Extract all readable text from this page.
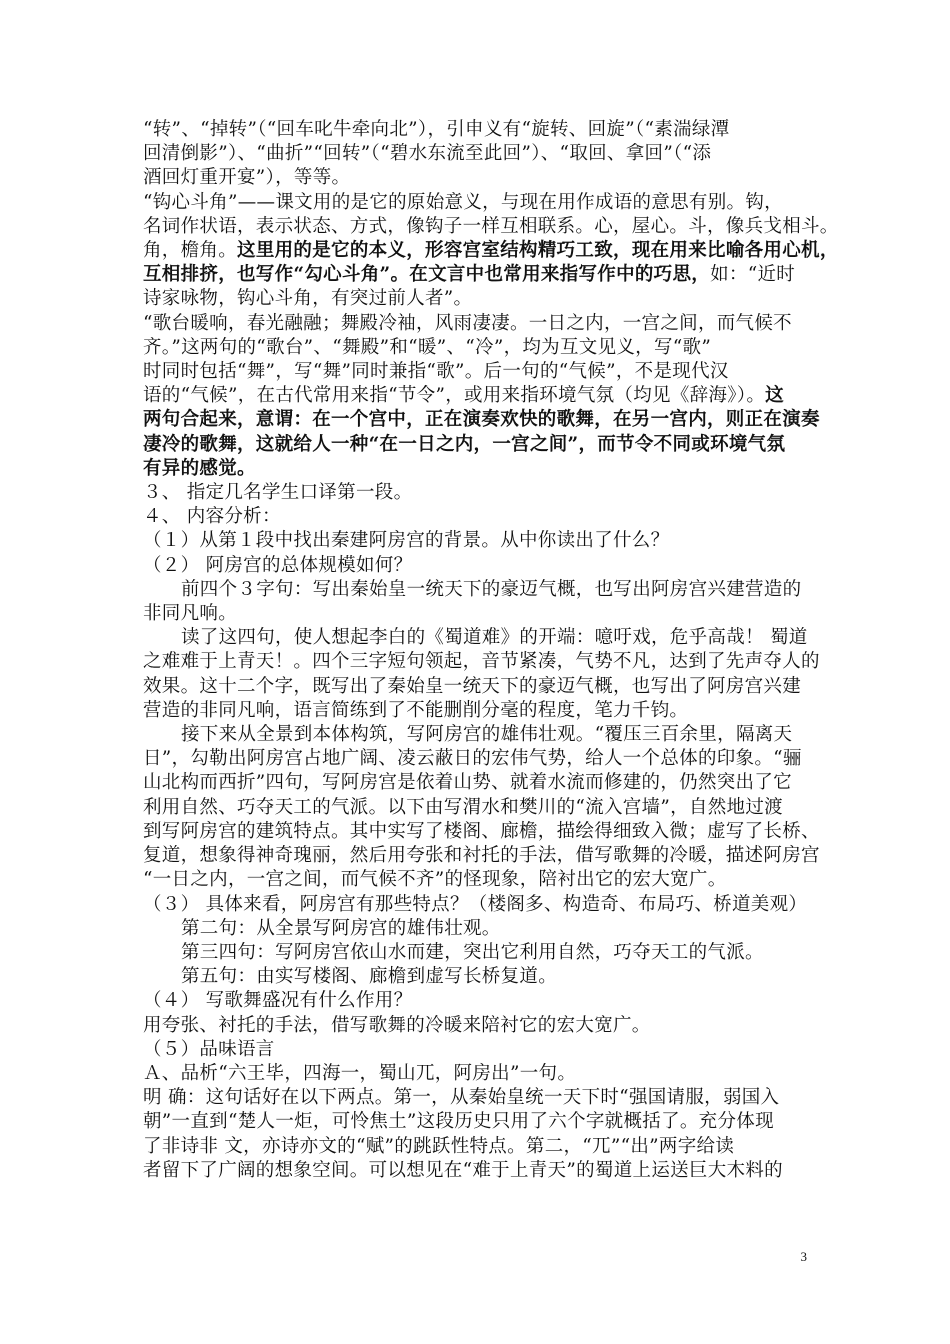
“转”、“掉转”（“回车叱牛牵向北”），引申义有“旋转、回旋”（“素湍绿潭
回清倒影”）、“曲折”“回转”（“碧水东流至此回”）、“取回、拿回”（“添
酒回灯重开宴”），等等。
“钩心斗角”——课文用的是它的原始意义，与现在用作成语的意思有别。钩，
名词作状语，表示状态、方式，像钩子一样互相联系。心，屋心。斗，像兵戈相斗。
角，檐角。这里用的是它的本义，形容宫室结构精巧工致，现在用来比喻各用心机，
互相排挤，也写作“勾心斗角”。在文言中也常用来指写作中的巧思，如：“近时
诗家咏物，钩心斗角，有突过前人者”。
“歌台暖响，春光融融；舞殿冷袖，风雨凄凄。一日之内，一宫之间，而气候不
齐。”这两句的“歌台”、“舞殿”和“暖”、“冷”，均为互文见义，写“歌”
时同时包括“舞”，写“舞”同时兼指“歌”。后一句的“气候”，不是现代汉
语的“气候”，在古代常用来指“节令”，或用来指环境气氛（均见《辞海》）。这
两句合起来，意谓：在一个宫中，正在演奏欢快的歌舞，在另一宫内，则正在演奏
凄冷的歌舞，这就给人一种“在一日之内，一宫之间”，而节令不同或环境气氛
有异的感觉。
３、 指定几名学生口译第一段。
４、 内容分析：
（１）从第１段中找出秦建阿房宫的背景。从中你读出了什么？
（２） 阿房宫的总体规模如何？
前四个３字句：写出秦始皇一统天下的豪迈气概，也写出阿房宫兴建营造的
非同凡响。
读了这四句，使人想起李白的《蜀道难》的开端：噫吁戏，危乎高哉！ 蜀道
之难难于上青天！。四个三字短句领起，音节紧凑，气势不凡，达到了先声夺人的
效果。这十二个字，既写出了秦始皇一统天下的豪迈气概，也写出了阿房宫兴建
营造的非同凡响，语言简练到了不能删削分毫的程度，笔力千钧。
接下来从全景到本体构筑，写阿房宫的雄伟壮观。“覆压三百余里，隔离天
日”，勾勒出阿房宫占地广阔、凌云蔽日的宏伟气势，给人一个总体的印象。“骊
山北构而西折”四句，写阿房宫是依着山势、就着水流而修建的，仍然突出了它
利用自然、巧夺天工的气派。以下由写渭水和樊川的“流入宫墙”，自然地过渡
到写阿房宫的建筑特点。其中实写了楼阁、廊檐，描绘得细致入微；虚写了长桥、
复道，想象得神奇瑰丽，然后用夸张和衬托的手法，借写歌舞的冷暖，描述阿房宫
“一日之内，一宫之间，而气候不齐”的怪现象，陪衬出它的宏大宽广。
（３） 具体来看，阿房宫有那些特点？（楼阁多、构造奇、布局巧、桥道美观）
第二句：从全景写阿房宫的雄伟壮观。
第三四句：写阿房宫依山水而建，突出它利用自然，巧夺天工的气派。
第五句：由实写楼阁、廊檐到虚写长桥复道。
（４） 写歌舞盛况有什么作用？
用夸张、衬托的手法，借写歌舞的冷暖来陪衬它的宏大宽广。
（５）品味语言
Ａ、品析“六王毕，四海一，蜀山兀，阿房出”一句。
明 确：这句话好在以下两点。第一，从秦始皇统一天下时“强国请服，弱国入
朝”一直到“楚人一炬，可怜焦土”这段历史只用了六个字就概括了。充分体现
了非诗非 文，亦诗亦文的“赋”的跳跃性特点。第二，“兀”“出”两字给读
者留下了广阔的想象空间。可以想见在“难于上青天”的蜀道上运送巨大木料的
3
